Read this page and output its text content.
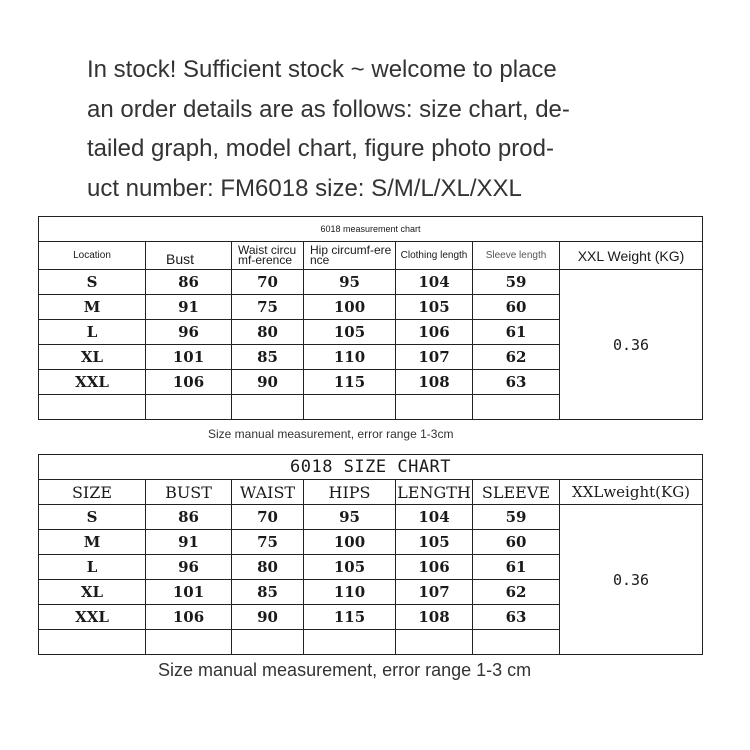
In stock! Sufficient stock ~ welcome to place
an order details are as follows: size chart, de-
tailed graph, model chart, figure photo prod-
uct number: FM6018 size: S/M/L/XL/XXL
6018 measurement chart						
Location	Bust	Waist circumf-erence	Hip circumf-erence	Clothing length	Sleeve length	XXL Weight (KG)
S	86	70	95	104	59	0.36
M	91	75	100	105	60	
L	96	80	105	106	61	
XL	101	85	110	107	62	
XXL	106	90	115	108	63	

Size manual measurement, error range 1-3cm
6018 SIZE CHART						
SIZE	BUST	WAIST	HIPS	LENGTH	SLEEVE	XXLweight(KG)
S	86	70	95	104	59	0.36
M	91	75	100	105	60	
L	96	80	105	106	61	
XL	101	85	110	107	62	
XXL	106	90	115	108	63	

Size manual measurement, error range 1-3 cm
